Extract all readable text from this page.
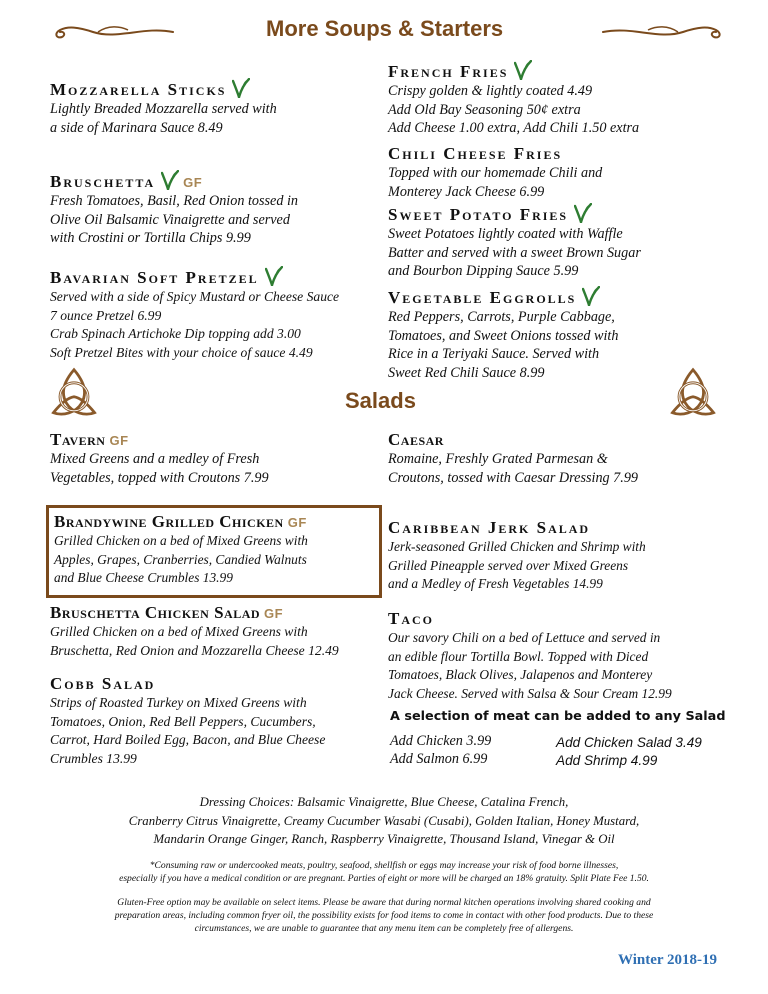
More Soups & Starters
Mozzarella Sticks
Lightly Breaded Mozzarella served with
a side of Marinara Sauce 8.49
Bruschetta GF
Fresh Tomatoes, Basil, Red Onion tossed in
Olive Oil Balsamic Vinaigrette and served
with Crostini or Tortilla Chips 9.99
Bavarian Soft Pretzel
Served with a side of Spicy Mustard or Cheese Sauce
7 ounce Pretzel 6.99
Crab Spinach Artichoke Dip topping add 3.00
Soft Pretzel Bites with your choice of sauce 4.49
French Fries
Crispy golden & lightly coated 4.49
Add Old Bay Seasoning 50¢ extra
Add Cheese 1.00 extra, Add Chili 1.50 extra
Chili Cheese Fries
Topped with our homemade Chili and
Monterey Jack Cheese 6.99
Sweet Potato Fries
Sweet Potatoes lightly coated with Waffle
Batter and served with a sweet Brown Sugar
and Bourbon Dipping Sauce 5.99
Vegetable Eggrolls
Red Peppers, Carrots, Purple Cabbage,
Tomatoes, and Sweet Onions tossed with
Rice in a Teriyaki Sauce. Served with
Sweet Red Chili Sauce 8.99
Salads
Tavern GF
Mixed Greens and a medley of Fresh
Vegetables, topped with Croutons 7.99
Brandywine Grilled Chicken GF
Grilled Chicken on a bed of Mixed Greens with
Apples, Grapes, Cranberries, Candied Walnuts
and Blue Cheese Crumbles 13.99
Bruschetta Chicken Salad GF
Grilled Chicken on a bed of Mixed Greens with
Bruschetta, Red Onion and Mozzarella Cheese 12.49
Cobb Salad
Strips of Roasted Turkey on Mixed Greens with
Tomatoes, Onion, Red Bell Peppers, Cucumbers,
Carrot, Hard Boiled Egg, Bacon, and Blue Cheese
Crumbles 13.99
Caesar
Romaine, Freshly Grated Parmesan &
Croutons, tossed with Caesar Dressing 7.99
Caribbean Jerk Salad
Jerk-seasoned Grilled Chicken and Shrimp with
Grilled Pineapple served over Mixed Greens
and a Medley of Fresh Vegetables 14.99
Taco
Our savory Chili on a bed of Lettuce and served in
an edible flour Tortilla Bowl. Topped with Diced
Tomatoes, Black Olives, Jalapenos and Monterey
Jack Cheese. Served with Salsa & Sour Cream 12.99
A selection of meat can be added to any Salad
Add Chicken 3.99
Add Salmon 6.99
Add Chicken Salad 3.49
Add Shrimp 4.99
Dressing Choices: Balsamic Vinaigrette, Blue Cheese, Catalina French,
Cranberry Citrus Vinaigrette, Creamy Cucumber Wasabi (Cusabi), Golden Italian, Honey Mustard,
Mandarin Orange Ginger, Ranch, Raspberry Vinaigrette, Thousand Island, Vinegar & Oil
*Consuming raw or undercooked meats, poultry, seafood, shellfish or eggs may increase your risk of food borne illnesses,
especially if you have a medical condition or are pregnant. Parties of eight or more will be charged an 18% gratuity. Split Plate Fee 1.50.
Gluten-Free option may be available on select items. Please be aware that during normal kitchen operations involving shared cooking and
preparation areas, including common fryer oil, the possibility exists for food items to come in contact with other food products. Due to these
circumstances, we are unable to guarantee that any menu item can be completely free of allergens.
Winter 2018-19
